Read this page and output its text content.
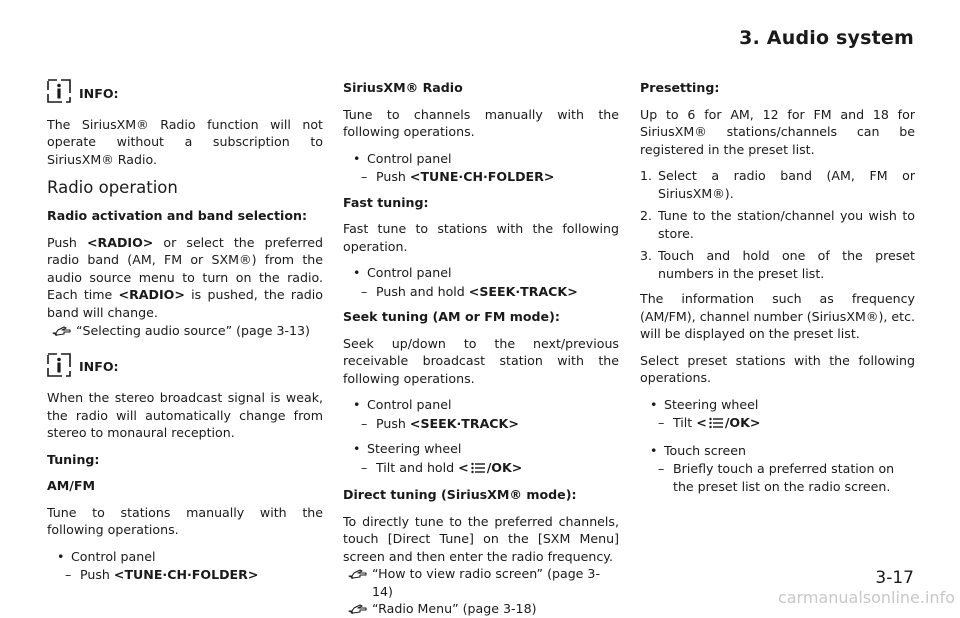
3. Audio system
INFO:

The SiriusXM® Radio function will not operate without a subscription to SiriusXM® Radio.

Radio operation

Radio activation and band selection:

Push <RADIO> or select the preferred radio band (AM, FM or SXM®) from the audio source menu to turn on the radio. Each time <RADIO> is pushed, the radio band will change.

“Selecting audio source” (page 3-13)
INFO:

When the stereo broadcast signal is weak, the radio will automatically change from stereo to monaural reception.

Tuning:

AM/FM

Tune to stations manually with the following operations.

• Control panel
– Push <TUNE·CH·FOLDER>

SiriusXM® Radio

Tune to channels manually with the following operations.

• Control panel
– Push <TUNE·CH·FOLDER>

Fast tuning:

Fast tune to stations with the following operation.

• Control panel
– Push and hold <SEEK·TRACK>

Seek tuning (AM or FM mode):

Seek up/down to the next/previous receivable broadcast station with the following operations.

• Control panel
– Push <SEEK·TRACK>
• Steering wheel
– Tilt and hold < /OK>

Direct tuning (SiriusXM® mode):

To directly tune to the preferred channels, touch [Direct Tune] on the [SXM Menu] screen and then enter the radio frequency.

“How to view radio screen” (page 3-14)
“Radio Menu” (page 3-18)

Presetting:

Up to 6 for AM, 12 for FM and 18 for SiriusXM® stations/channels can be registered in the preset list.

1. Select a radio band (AM, FM or SiriusXM®).
2. Tune to the station/channel you wish to store.
3. Touch and hold one of the preset numbers in the preset list.

The information such as frequency (AM/FM), channel number (SiriusXM®), etc. will be displayed on the preset list.

Select preset stations with the following operations.

• Steering wheel
– Tilt < /OK>
• Touch screen
– Briefly touch a preferred station on the preset list on the radio screen.
3-17
carmanualsonline.info
